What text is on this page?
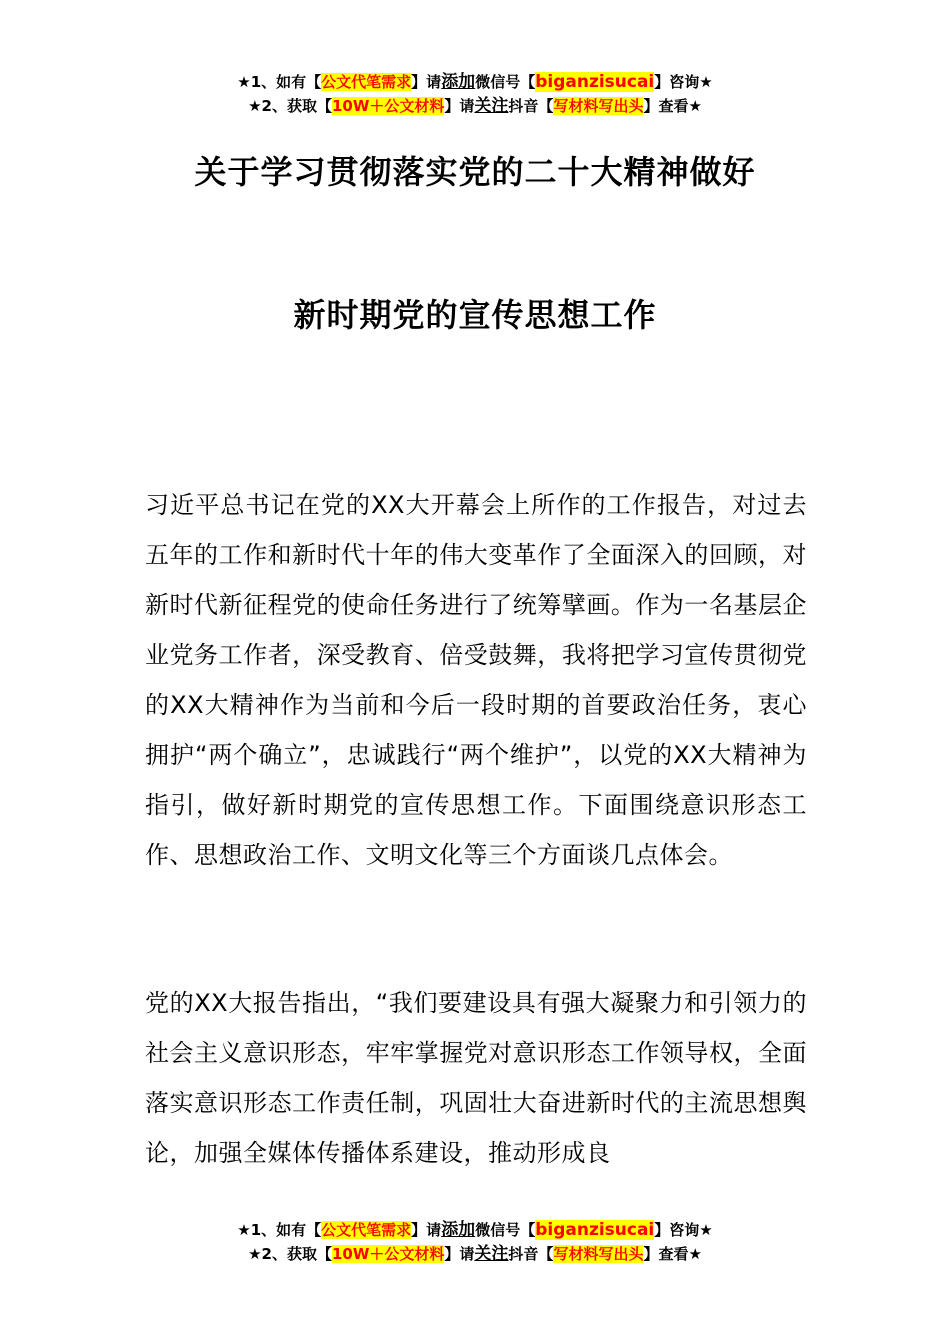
★1、如有【公文代笔需求】请添加微信号【biganzisucai】咨询★
★2、获取【10W＋公文材料】请关注抖音【写材料写出头】查看★
关于学习贯彻落实党的二十大精神做好
新时期党的宣传思想工作
习近平总书记在党的XX大开幕会上所作的工作报告，对过去五年的工作和新时代十年的伟大变革作了全面深入的回顾，对新时代新征程党的使命任务进行了统筹擘画。作为一名基层企业党务工作者，深受教育、倍受鼓舞，我将把学习宣传贯彻党的XX大精神作为当前和今后一段时期的首要政治任务，衷心拥护“两个确立”，忠诚践行“两个维护”，以党的XX大精神为指引，做好新时期党的宣传思想工作。下面围绕意识形态工作、思想政治工作、文明文化等三个方面谈几点体会。
党的XX大报告指出，“我们要建设具有强大凝聚力和引领力的社会主义意识形态，牢牢掌握党对意识形态工作领导权，全面落实意识形态工作责任制，巩固壮大奋进新时代的主流思想舆论，加强全媒体传播体系建设，推动形成良
★1、如有【公文代笔需求】请添加微信号【biganzisucai】咨询★
★2、获取【10W＋公文材料】请关注抖音【写材料写出头】查看★
